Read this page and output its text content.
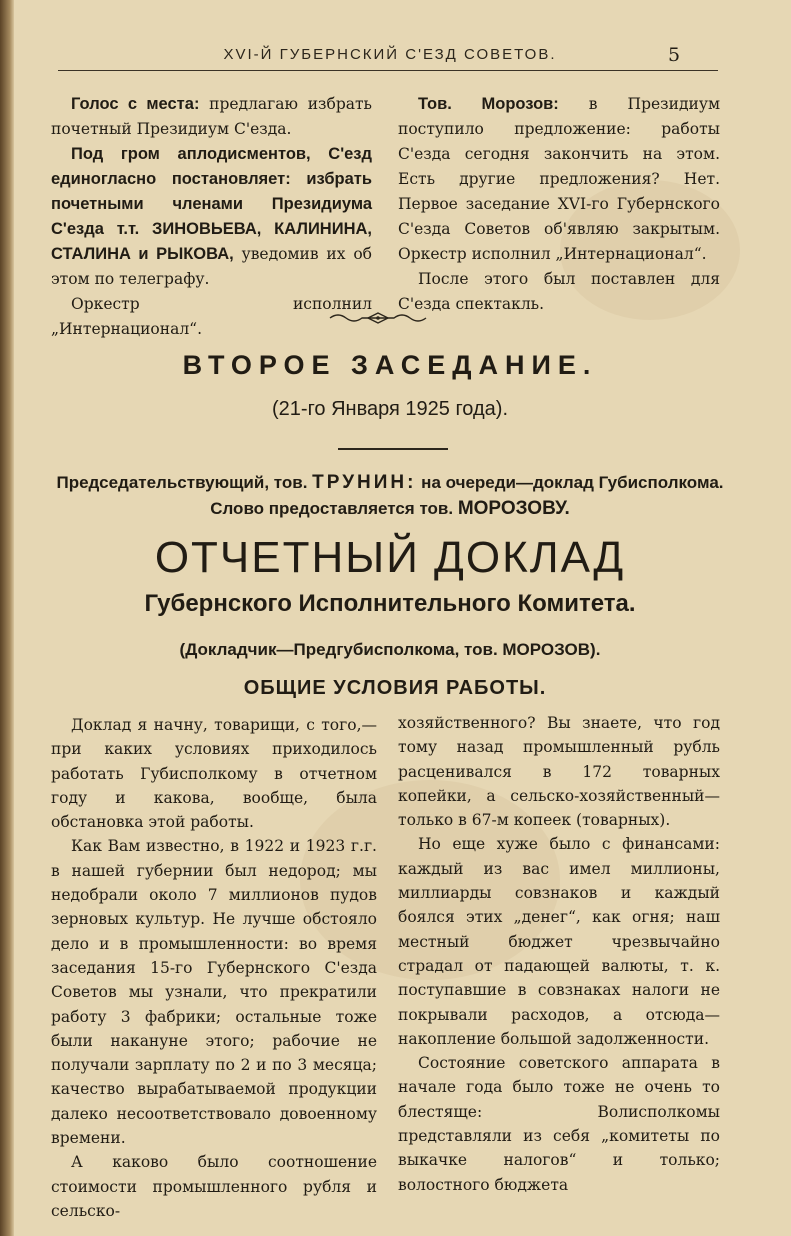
XVI-Й ГУБЕРНСКИЙ С'ЕЗД СОВЕТОВ.	5

Голос с места: предлагаю избрать почетный Президиум С'езда.

Под гром аплодисментов, С'езд единогласно постановляет: избрать почетными членами Президиума С'езда т.т. ЗИНОВЬЕВА, КАЛИНИНА, СТАЛИНА и РЫКОВА, уведомив их об этом по телеграфу.

Оркестр исполнил „Интернационал“.

Тов. Морозов: в Президиум поступило предложение: работы С'езда сегодня закончить на этом. Есть другие предложения? Нет. Первое заседание XVI-го Губернского С'езда Советов об'являю закрытым. Оркестр исполнил „Интернационал“.

После этого был поставлен для С'езда спектакль.

ВТОРОЕ ЗАСЕДАНИЕ.
(21-го Января 1925 года).
Председательствующий, тов. ТРУНИН: на очереди—доклад Губисполкома. Слово предоставляется тов. МОРОЗОВУ.
ОТЧЕТНЫЙ ДОКЛАД
Губернского Исполнительного Комитета.
(Докладчик—Предгубисполкома, тов. МОРОЗОВ).
ОБЩИЕ УСЛОВИЯ РАБОТЫ.

Доклад я начну, товарищи, с того,— при каких условиях приходилось работать Губисполкому в отчетном году и какова, вообще, была обстановка этой работы.

Как Вам известно, в 1922 и 1923 г.г. в нашей губернии был недород; мы недобрали около 7 миллионов пудов зерновых культур. Не лучше обстояло дело и в промышленности: во время заседания 15-го Губернского С'езда Советов мы узнали, что прекратили работу 3 фабрики; остальные тоже были накануне этого; рабочие не получали зарплату по 2 и по 3 месяца; качество вырабатываемой продукции далеко несоответствовало довоенному времени.

А каково было соотношение стоимости промышленного рубля и сельско-

хозяйственного? Вы знаете, что год тому назад промышленный рубль расценивался в 172 товарных копейки, а сельско-хозяйственный—только в 67-м копеек (товарных).

Но еще хуже было с финансами: каждый из вас имел миллионы, миллиарды совзнаков и каждый боялся этих „денег“, как огня; наш местный бюджет чрезвычайно страдал от падающей валюты, т. к. поступавшие в совзнаках налоги не покрывали расходов, а отсюда—накопление большой задолженности.

Состояние советского аппарата в начале года было тоже не очень то блестяще: Волисполкомы представляли из себя „комитеты по выкачке налогов“ и только; волостного бюджета
